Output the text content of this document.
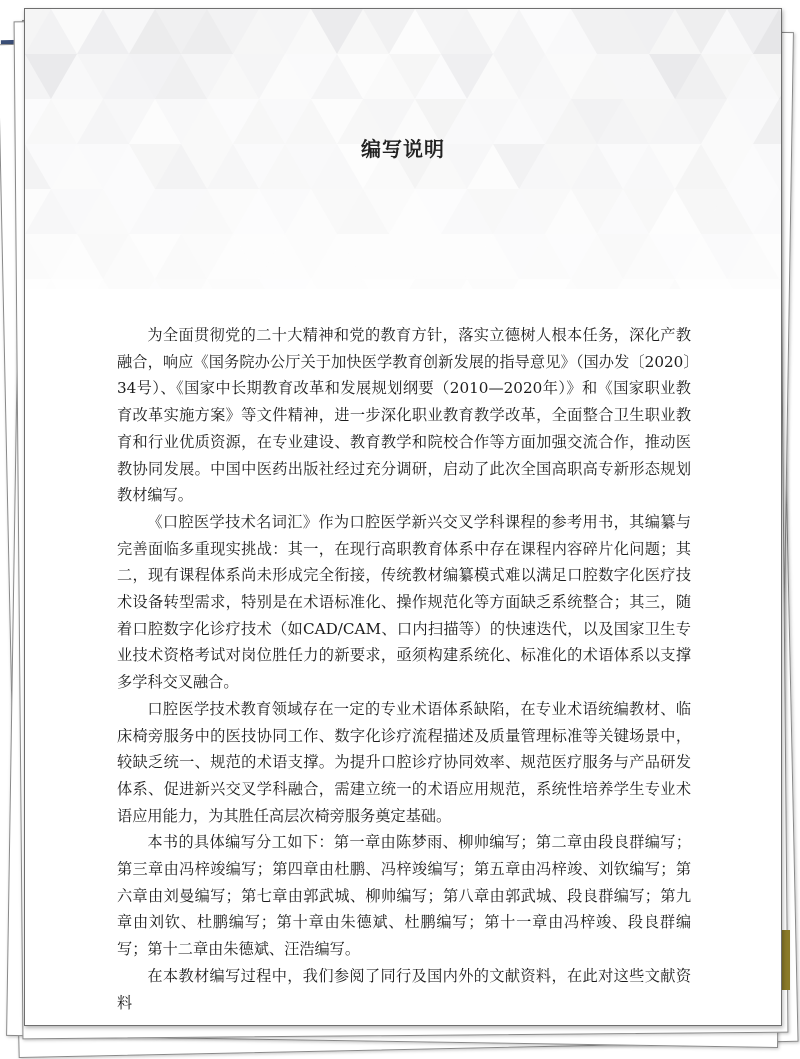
编写说明

为全面贯彻党的二十大精神和党的教育方针，落实立德树人根本任务，深化产教融合，响应《国务院办公厅关于加快医学教育创新发展的指导意见》（国办发〔2020〕34号）、《国家中长期教育改革和发展规划纲要（2010—2020年）》和《国家职业教育改革实施方案》等文件精神，进一步深化职业教育教学改革，全面整合卫生职业教育和行业优质资源，在专业建设、教育教学和院校合作等方面加强交流合作，推动医教协同发展。中国中医药出版社经过充分调研，启动了此次全国高职高专新形态规划教材编写。

《口腔医学技术名词汇》作为口腔医学新兴交叉学科课程的参考用书，其编纂与完善面临多重现实挑战：其一，在现行高职教育体系中存在课程内容碎片化问题；其二，现有课程体系尚未形成完全衔接，传统教材编纂模式难以满足口腔数字化医疗技术设备转型需求，特别是在术语标准化、操作规范化等方面缺乏系统整合；其三，随着口腔数字化诊疗技术（如CAD/CAM、口内扫描等）的快速迭代，以及国家卫生专业技术资格考试对岗位胜任力的新要求，亟须构建系统化、标准化的术语体系以支撑多学科交叉融合。

口腔医学技术教育领域存在一定的专业术语体系缺陷，在专业术语统编教材、临床椅旁服务中的医技协同工作、数字化诊疗流程描述及质量管理标准等关键场景中，较缺乏统一、规范的术语支撑。为提升口腔诊疗协同效率、规范医疗服务与产品研发体系、促进新兴交叉学科融合，需建立统一的术语应用规范，系统性培养学生专业术语应用能力，为其胜任高层次椅旁服务奠定基础。

本书的具体编写分工如下：第一章由陈梦雨、柳帅编写；第二章由段良群编写；第三章由冯梓竣编写；第四章由杜鹏、冯梓竣编写；第五章由冯梓竣、刘钦编写；第六章由刘曼编写；第七章由郭武城、柳帅编写；第八章由郭武城、段良群编写；第九章由刘钦、杜鹏编写；第十章由朱德斌、杜鹏编写；第十一章由冯梓竣、段良群编写；第十二章由朱德斌、汪浩编写。

在本教材编写过程中，我们参阅了同行及国内外的文献资料，在此对这些文献资料
